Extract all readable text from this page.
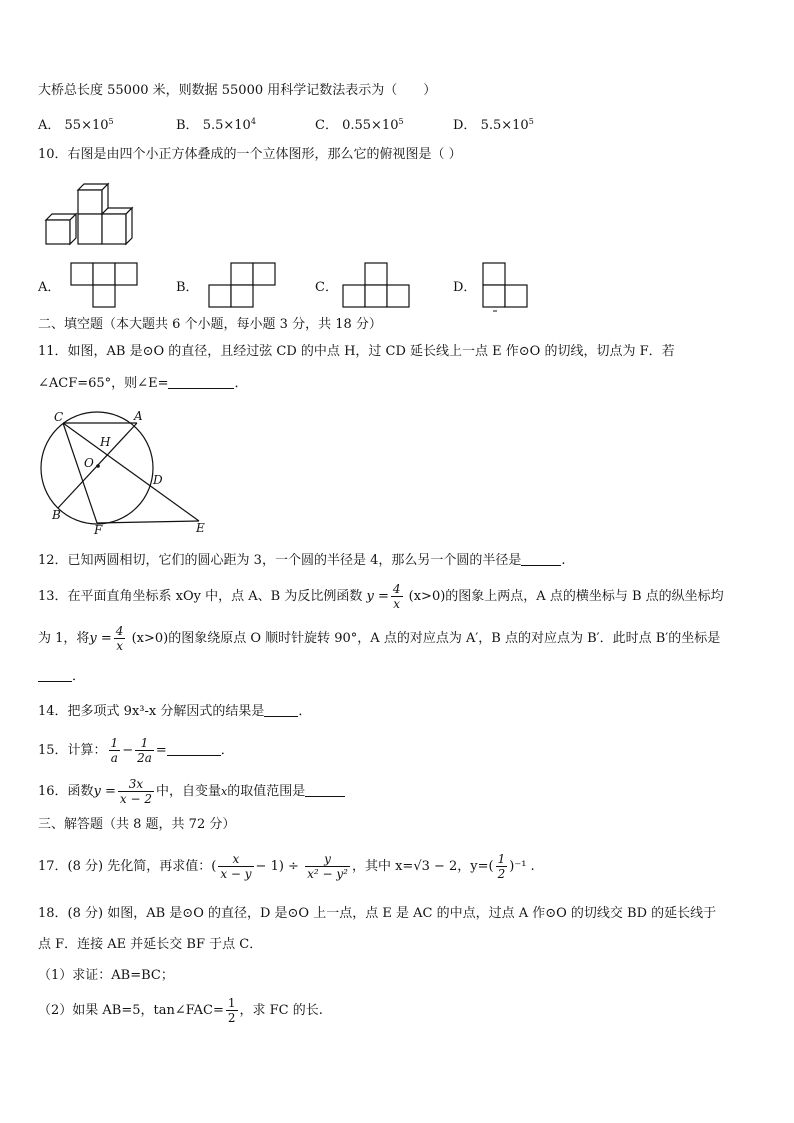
大桥总长度 55000 米，则数据 55000 用科学记数法表示为（　　）
A． $55\times 10^5$	B． $5.5\times 10^4$	C． $0.55\times 10^5$	D． $5.5\times 10^5$
10．右图是由四个小正方体叠成的一个立体图形，那么它的俯视图是（ ）
A．	B．	C．	D．
二、填空题（本大题共 6 个小题，每小题 3 分，共 18 分）
11．如图，AB 是⊙O 的直径，且经过弦 CD 的中点 H，过 CD 延长线上一点 E 作⊙O 的切线，切点为 F．若
∠ACF=65°，则∠E=	．
C	A
H
O
D
B
F	E
12．已知两圆相切，它们的圆心距为 3，一个圆的半径是 4，那么另一个圆的半径是	.
13．在平面直角坐标系 xOy 中，点 A、B 为反比例函数 $y = \frac{4}{x} (x>0)$的图象上两点，A 点的横坐标与 B 点的纵坐标均
为 1，将$y = \frac{4}{x} (x>0)$的图象绕原点 O 顺时针旋转 90°，A 点的对应点为 A′，B 点的对应点为 B′．此时点 B′的坐标是
．
14．把多项式 9x³-x 分解因式的结果是	．
15．计算： $\frac{1}{a} - \frac{1}{2a}$ =	．
16．函数$y = \frac{3x}{x - 2}$ 中，自变量x的取值范围是
三、解答题（共 8 题，共 72 分）
17．(8 分) 先化简，再求值：( $\frac{x}{x - y} - 1) \div \frac{y}{\text{x² − y²}}$ ，其中 x=√3 − 2，$y=( \frac{1}{2} )^{-1}$ .
18．(8 分) 如图，AB 是⊙O 的直径，D 是⊙O 上一点，点 E 是 AC 的中点，过点 A 作⊙O 的切线交 BD 的延长线于
点 F．连接 AE 并延长交 BF 于点 C．
（1）求证：AB=BC；
（2）如果 AB=5，tan∠FAC= $\frac{1}{2}$ ，求 FC 的长.
